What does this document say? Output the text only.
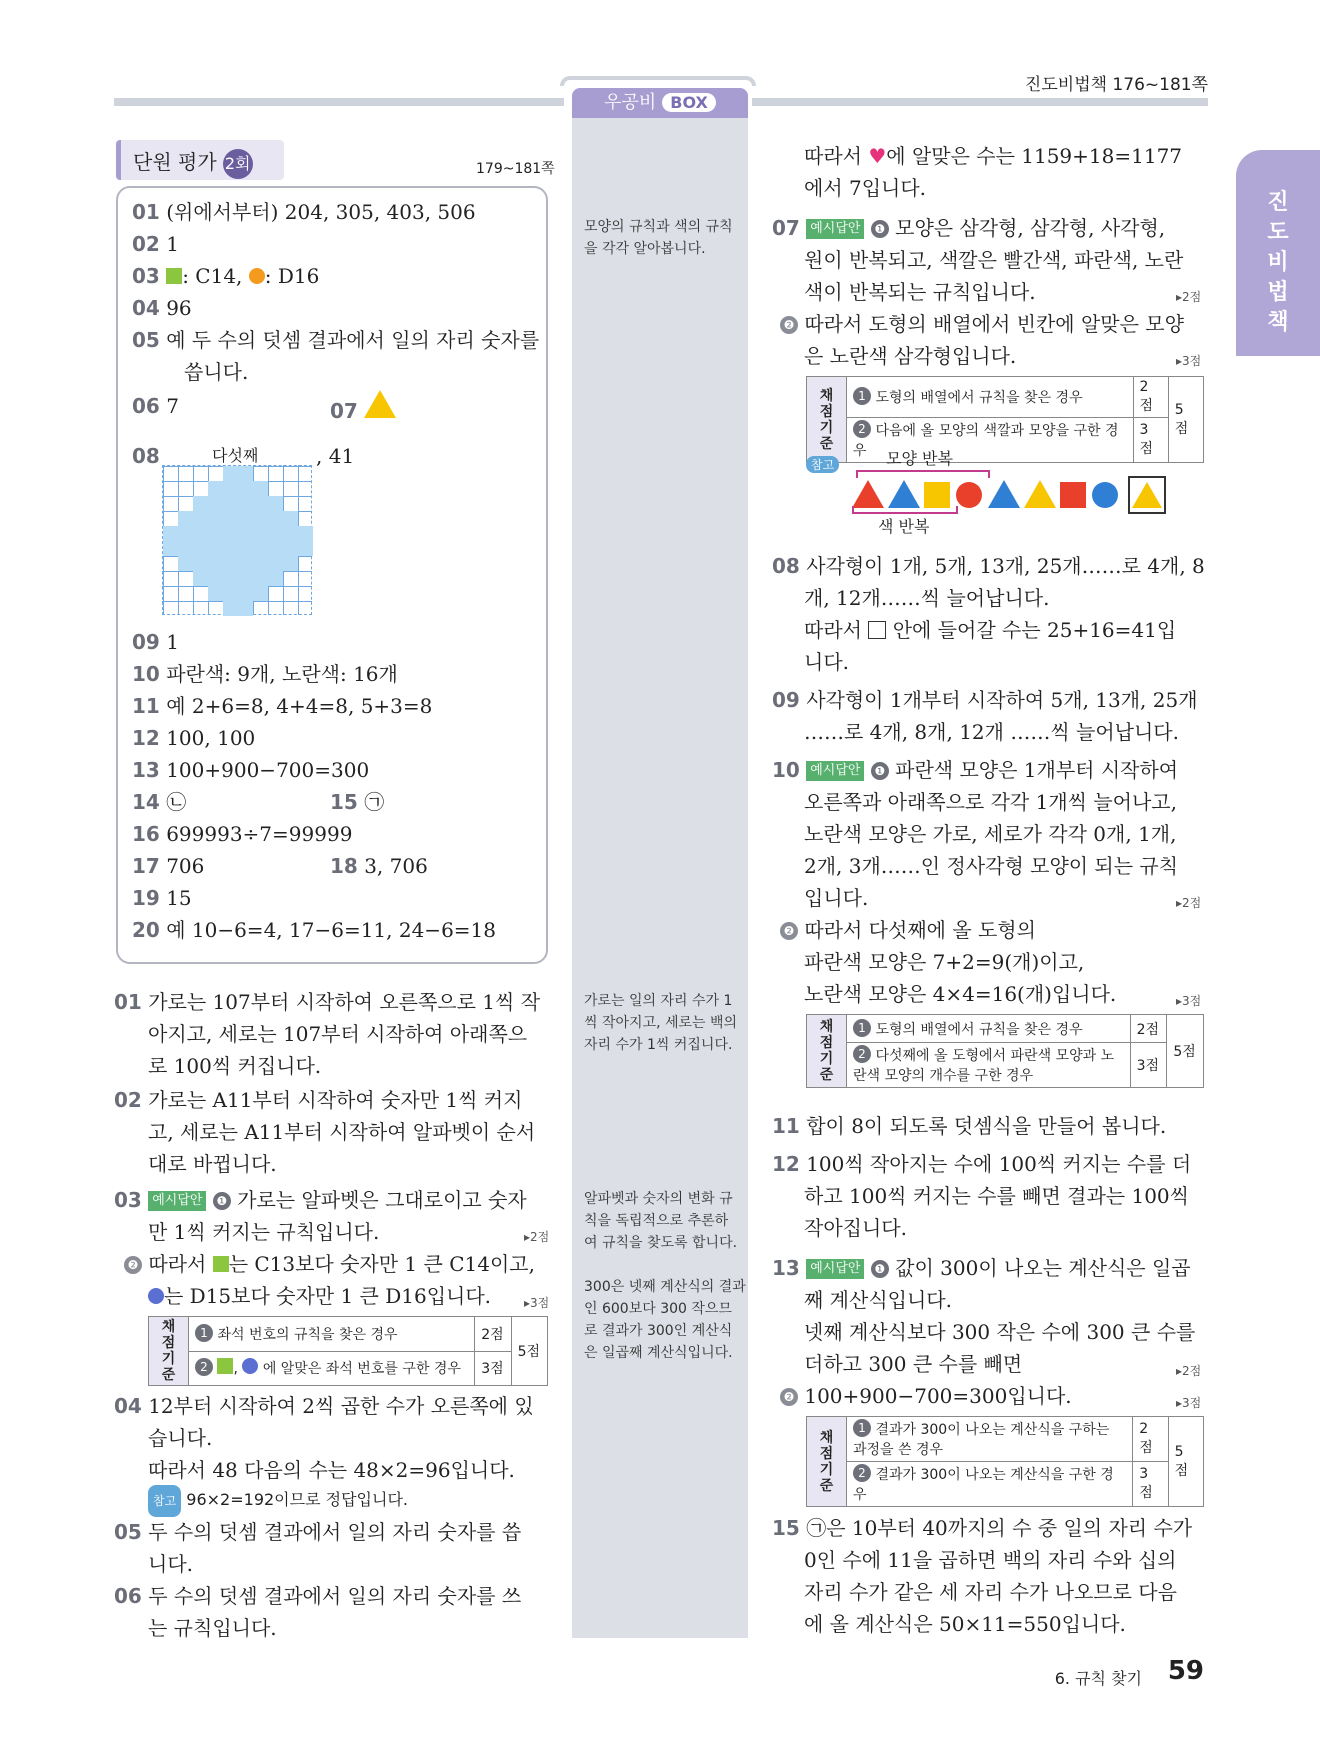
우공비 BOX
진도비법책 176~181쪽
진도비법책
단원 평가 2회	179~181쪽
01 (위에서부터) 204, 305, 403, 506
02 1
03 : C14, : D16
04 96
05 예 두 수의 덧셈 결과에서 일의 자리 숫자를
씁니다.
06 7	07
08	다섯째	, 41
09 1
10 파란색: 9개, 노란색: 16개
11 예 2+6=8, 4+4=8, 5+3=8
12 100, 100
13 100+900−700=300
14 ㉡	15 ㉠
16 699993÷7=99999
17 706	18 3, 706
19 15
20 예 10−6=4, 17−6=11, 24−6=18
01 가로는 107부터 시작하여 오른쪽으로 1씩 작
아지고, 세로는 107부터 시작하여 아래쪽으
로 100씩 커집니다.
02 가로는 A11부터 시작하여 숫자만 1씩 커지
고, 세로는 A11부터 시작하여 알파벳이 순서
대로 바뀝니다.
03 예시답안 ❶ 가로는 알파벳은 그대로이고 숫자
만 1씩 커지는 규칙입니다.	▸2점
❷ 따라서 는 C13보다 숫자만 1 큰 C14이고,
는 D15보다 숫자만 1 큰 D16입니다.	▸3점
채점 기준	1 좌석 번호의 규칙을 찾은 경우	2점	5점
	2 ,  에 알맞은 좌석 번호를 구한 경우	3점	
04 12부터 시작하여 2씩 곱한 수가 오른쪽에 있
습니다.
따라서 48 다음의 수는 48×2=96입니다.
참고 96×2=192이므로 정답입니다.
05 두 수의 덧셈 결과에서 일의 자리 숫자를 씁
니다.
06 두 수의 덧셈 결과에서 일의 자리 숫자를 쓰
는 규칙입니다.
모양의 규칙과 색의 규칙
을 각각 알아봅니다.
가로는 일의 자리 수가 1
씩 작아지고, 세로는 백의
자리 수가 1씩 커집니다.
알파벳과 숫자의 변화 규
칙을 독립적으로 추론하
여 규칙을 찾도록 합니다.
300은 넷째 계산식의 결과
인 600보다 300 작으므
로 결과가 300인 계산식
은 일곱째 계산식입니다.
따라서 ♥에 알맞은 수는 1159+18=1177
에서 7입니다.
07 예시답안 ❶ 모양은 삼각형, 삼각형, 사각형,
원이 반복되고, 색깔은 빨간색, 파란색, 노란
색이 반복되는 규칙입니다.	▸2점
❷ 따라서 도형의 배열에서 빈칸에 알맞은 모양
은 노란색 삼각형입니다.	▸3점
채점 기준	1 도형의 배열에서 규칙을 찾은 경우	2점	5점
	2 다음에 올 모양의 색깔과 모양을 구한 경우	3점	
참고	모양 반복
색 반복
08 사각형이 1개, 5개, 13개, 25개……로 4개, 8
개, 12개……씩 늘어납니다.
따라서 안에 들어갈 수는 25+16=41입
니다.
09 사각형이 1개부터 시작하여 5개, 13개, 25개
……로 4개, 8개, 12개 ……씩 늘어납니다.
10 예시답안 ❶ 파란색 모양은 1개부터 시작하여
오른쪽과 아래쪽으로 각각 1개씩 늘어나고,
노란색 모양은 가로, 세로가 각각 0개, 1개,
2개, 3개……인 정사각형 모양이 되는 규칙
입니다.	▸2점
❷ 따라서 다섯째에 올 도형의
파란색 모양은 7+2=9(개)이고,
노란색 모양은 4×4=16(개)입니다.	▸3점
채점 기준	1 도형의 배열에서 규칙을 찾은 경우	2점	5점
	2 다섯째에 올 도형에서 파란색 모양과 노
란색 모양의 개수를 구한 경우	3점	
11 합이 8이 되도록 덧셈식을 만들어 봅니다.
12 100씩 작아지는 수에 100씩 커지는 수를 더
하고 100씩 커지는 수를 빼면 결과는 100씩
작아집니다.
13 예시답안 ❶ 값이 300이 나오는 계산식은 일곱
째 계산식입니다.
넷째 계산식보다 300 작은 수에 300 큰 수를
더하고 300 큰 수를 빼면	▸2점
❷ 100+900−700=300입니다.	▸3점
채점 기준	1 결과가 300이 나오는 계산식을 구하는
과정을 쓴 경우	2점	5점
	2 결과가 300이 나오는 계산식을 구한 경우	3점	
15 ㉠은 10부터 40까지의 수 중 일의 자리 수가
0인 수에 11을 곱하면 백의 자리 수와 십의
자리 수가 같은 세 자리 수가 나오므로 다음
에 올 계산식은 50×11=550입니다.
6. 규칙 찾기 59
